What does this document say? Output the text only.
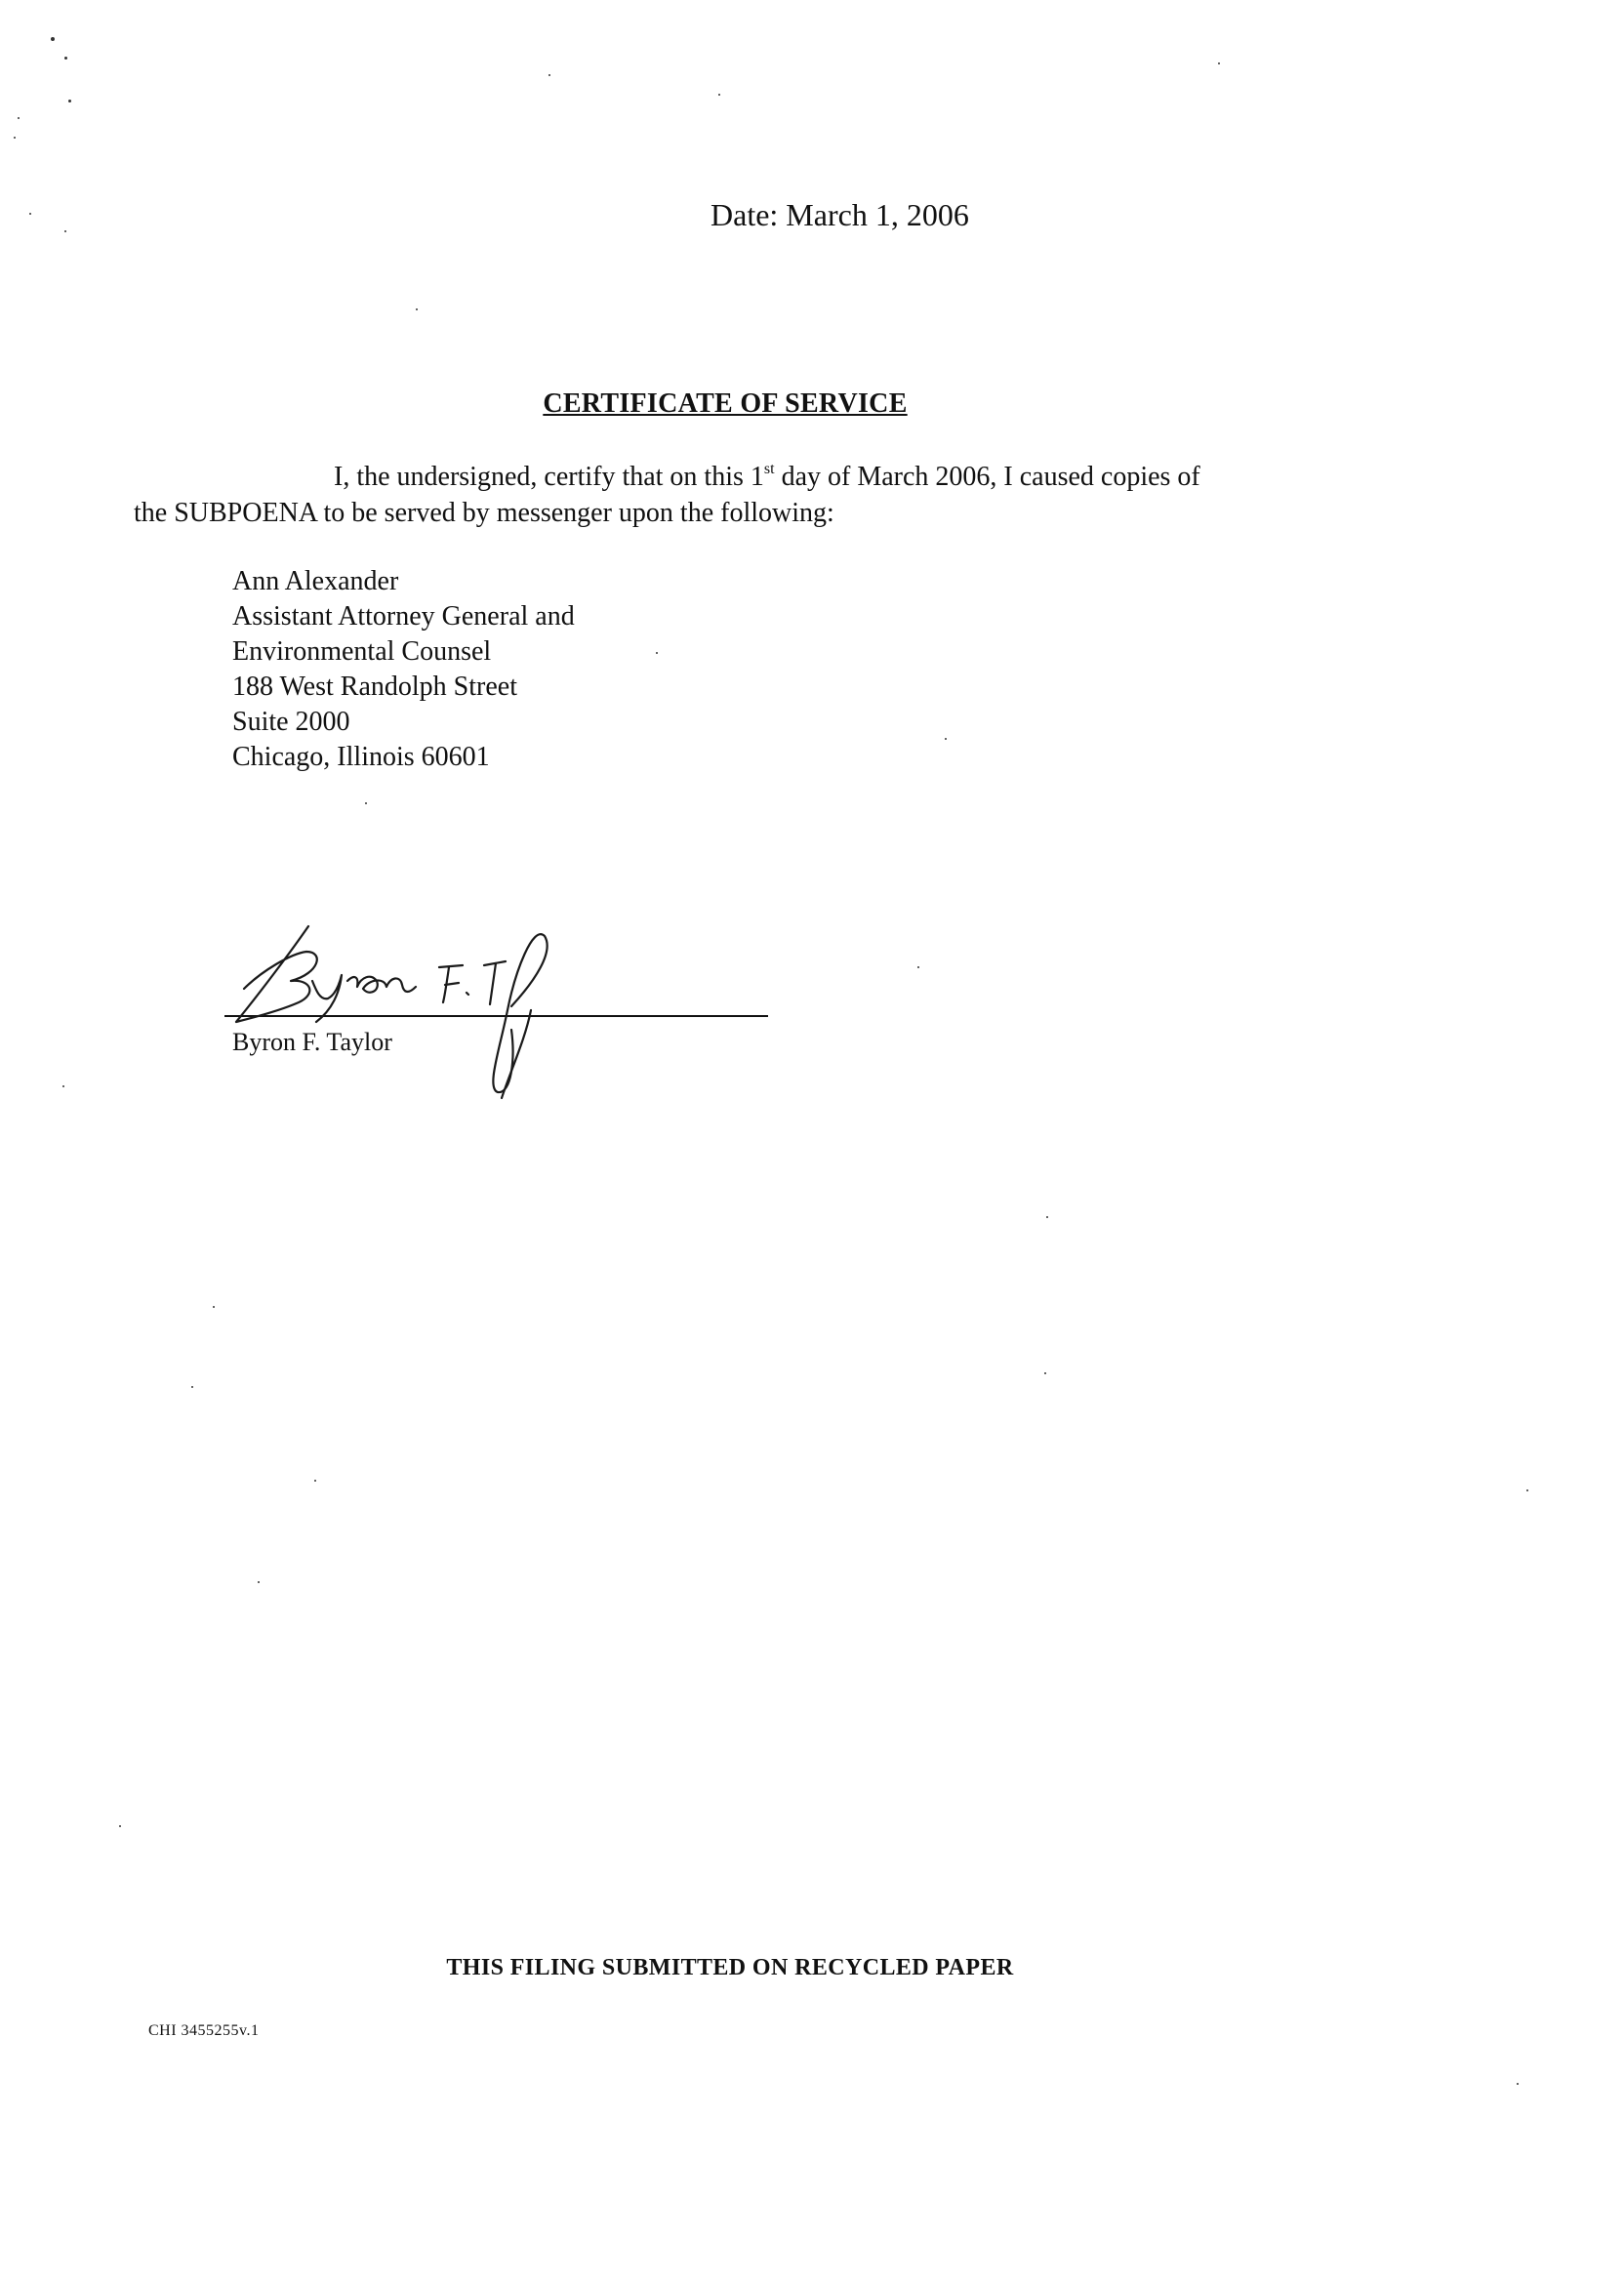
Date: March 1, 2006
CERTIFICATE OF SERVICE
I, the undersigned, certify that on this 1st day of March 2006, I caused copies of
the SUBPOENA to be served by messenger upon the following:
Ann Alexander
Assistant Attorney General and
Environmental Counsel
188 West Randolph Street
Suite 2000
Chicago, Illinois 60601
Byron F. Taylor
THIS FILING SUBMITTED ON RECYCLED PAPER
CHI 3455255v.1
